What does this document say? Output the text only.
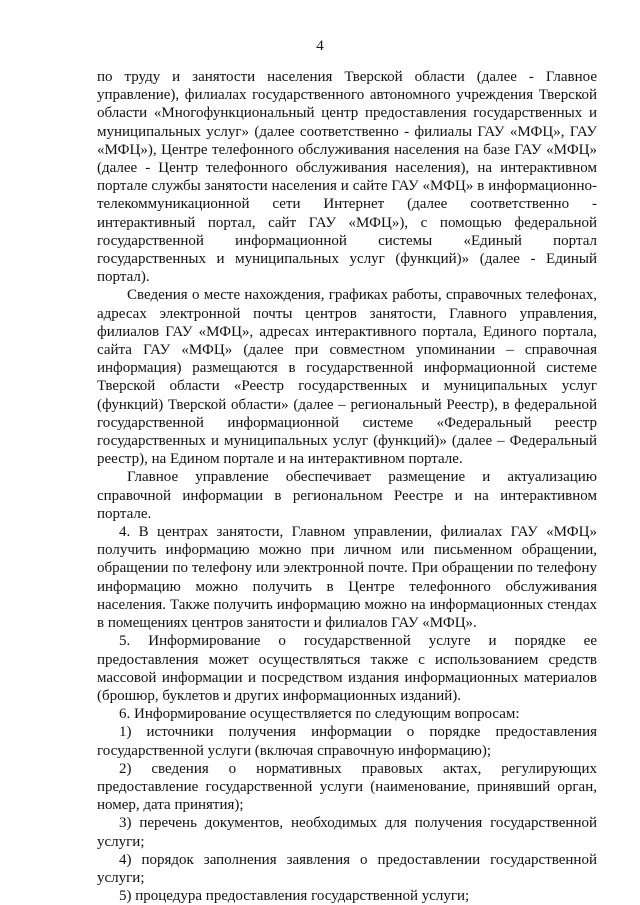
4

по труду и занятости населения Тверской области (далее - Главное управление), филиалах государственного автономного учреждения Тверской области «Многофункциональный центр предоставления государственных и муниципальных услуг» (далее соответственно - филиалы ГАУ «МФЦ», ГАУ «МФЦ»), Центре телефонного обслуживания населения на базе ГАУ «МФЦ» (далее - Центр телефонного обслуживания населения), на интерактивном портале службы занятости населения и сайте ГАУ «МФЦ» в информационно-телекоммуникационной сети Интернет (далее соответственно - интерактивный портал, сайт ГАУ «МФЦ»), с помощью федеральной государственной информационной системы «Единый портал государственных и муниципальных услуг (функций)» (далее - Единый портал).

Сведения о месте нахождения, графиках работы, справочных телефонах, адресах электронной почты центров занятости, Главного управления, филиалов ГАУ «МФЦ», адресах интерактивного портала, Единого портала, сайта ГАУ «МФЦ» (далее при совместном упоминании – справочная информация) размещаются в государственной информационной системе Тверской области «Реестр государственных и муниципальных услуг (функций) Тверской области» (далее – региональный Реестр), в федеральной государственной информационной системе «Федеральный реестр государственных и муниципальных услуг (функций)» (далее – Федеральный реестр), на Едином портале и на интерактивном портале.

Главное управление обеспечивает размещение и актуализацию справочной информации в региональном Реестре и на интерактивном портале.

4. В центрах занятости, Главном управлении, филиалах ГАУ «МФЦ» получить информацию можно при личном или письменном обращении, обращении по телефону или электронной почте. При обращении по телефону информацию можно получить в Центре телефонного обслуживания населения. Также получить информацию можно на информационных стендах в помещениях центров занятости и филиалов ГАУ «МФЦ».

5. Информирование о государственной услуге и порядке ее предоставления может осуществляться также с использованием средств массовой информации и посредством издания информационных материалов (брошюр, буклетов и других информационных изданий).

6. Информирование осуществляется по следующим вопросам:

1) источники получения информации о порядке предоставления государственной услуги (включая справочную информацию);

2) сведения о нормативных правовых актах, регулирующих предоставление государственной услуги (наименование, принявший орган, номер, дата принятия);

3) перечень документов, необходимых для получения государственной услуги;

4) порядок заполнения заявления о предоставлении государственной услуги;

5) процедура предоставления государственной услуги;
